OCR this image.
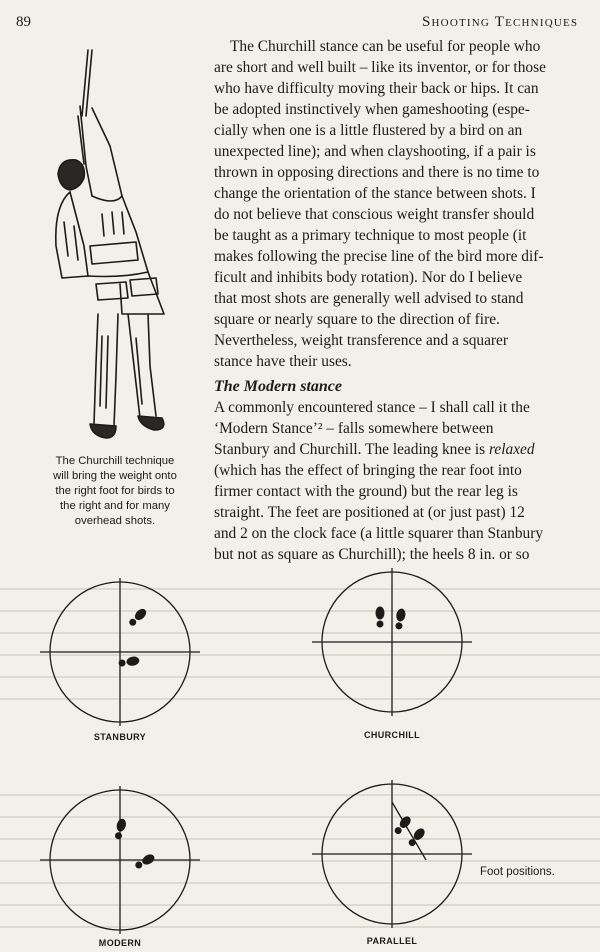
89	Shooting Techniques
The Churchill technique
will bring the weight onto
the right foot for birds to
the right and for many
overhead shots.
The Churchill stance can be useful for people who
are short and well built – like its inventor, or for those
who have difficulty moving their back or hips. It can
be adopted instinctively when gameshooting (espe-
cially when one is a little flustered by a bird on an
unexpected line); and when clayshooting, if a pair is
thrown in opposing directions and there is no time to
change the orientation of the stance between shots. I
do not believe that conscious weight transfer should
be taught as a primary technique to most people (it
makes following the precise line of the bird more dif-
ficult and inhibits body rotation). Nor do I believe
that most shots are generally well advised to stand
square or nearly square to the direction of fire.
Nevertheless, weight transference and a squarer
stance have their uses.
The Modern stance
A commonly encountered stance – I shall call it the
‘Modern Stance’² – falls somewhere between
Stanbury and Churchill. The leading knee is relaxed
(which has the effect of bringing the rear foot into
firmer contact with the ground) but the rear leg is
straight. The feet are positioned at (or just past) 12
and 2 on the clock face (a little squarer than Stanbury
but not as square as Churchill); the heels 8 in. or so
STANBURY	CHURCHILL
MODERN	PARALLEL
Foot positions.
